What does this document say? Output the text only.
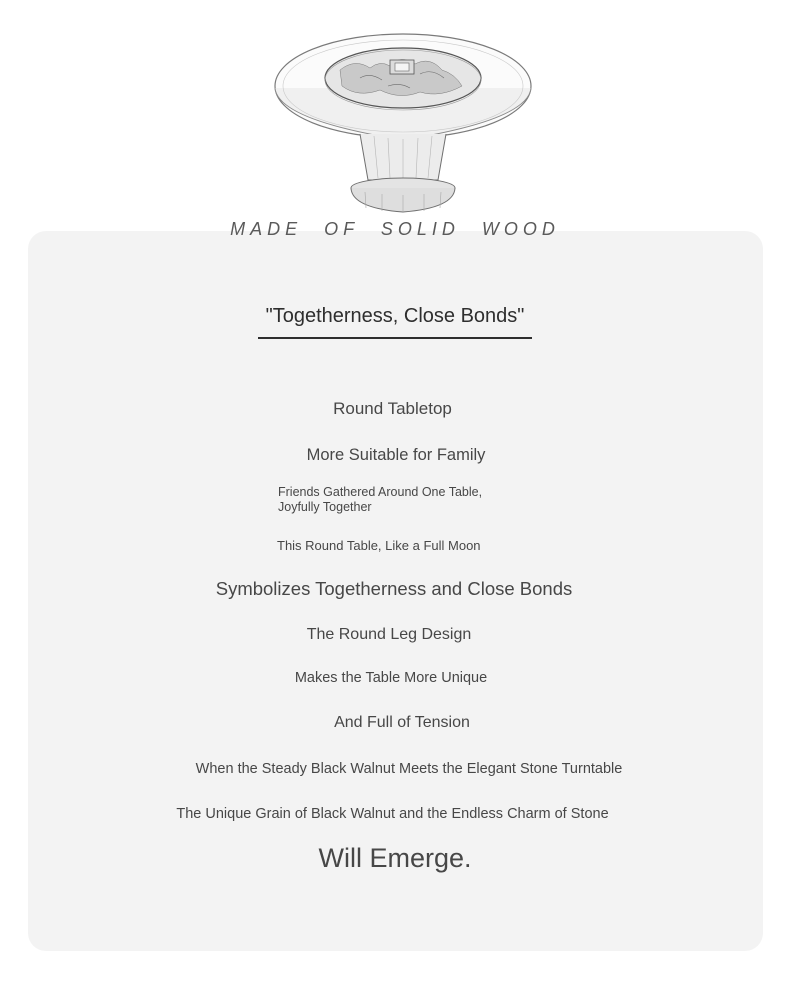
MADE OF SOLID WOOD
"Togetherness, Close Bonds"
Round Tabletop
More Suitable for Family
Friends Gathered Around One Table,
Joyfully Together
This Round Table, Like a Full Moon
Symbolizes Togetherness and Close Bonds
The Round Leg Design
Makes the Table More Unique
And Full of Tension
When the Steady Black Walnut Meets the Elegant Stone Turntable
The Unique Grain of Black Walnut and the Endless Charm of Stone
Will Emerge.
